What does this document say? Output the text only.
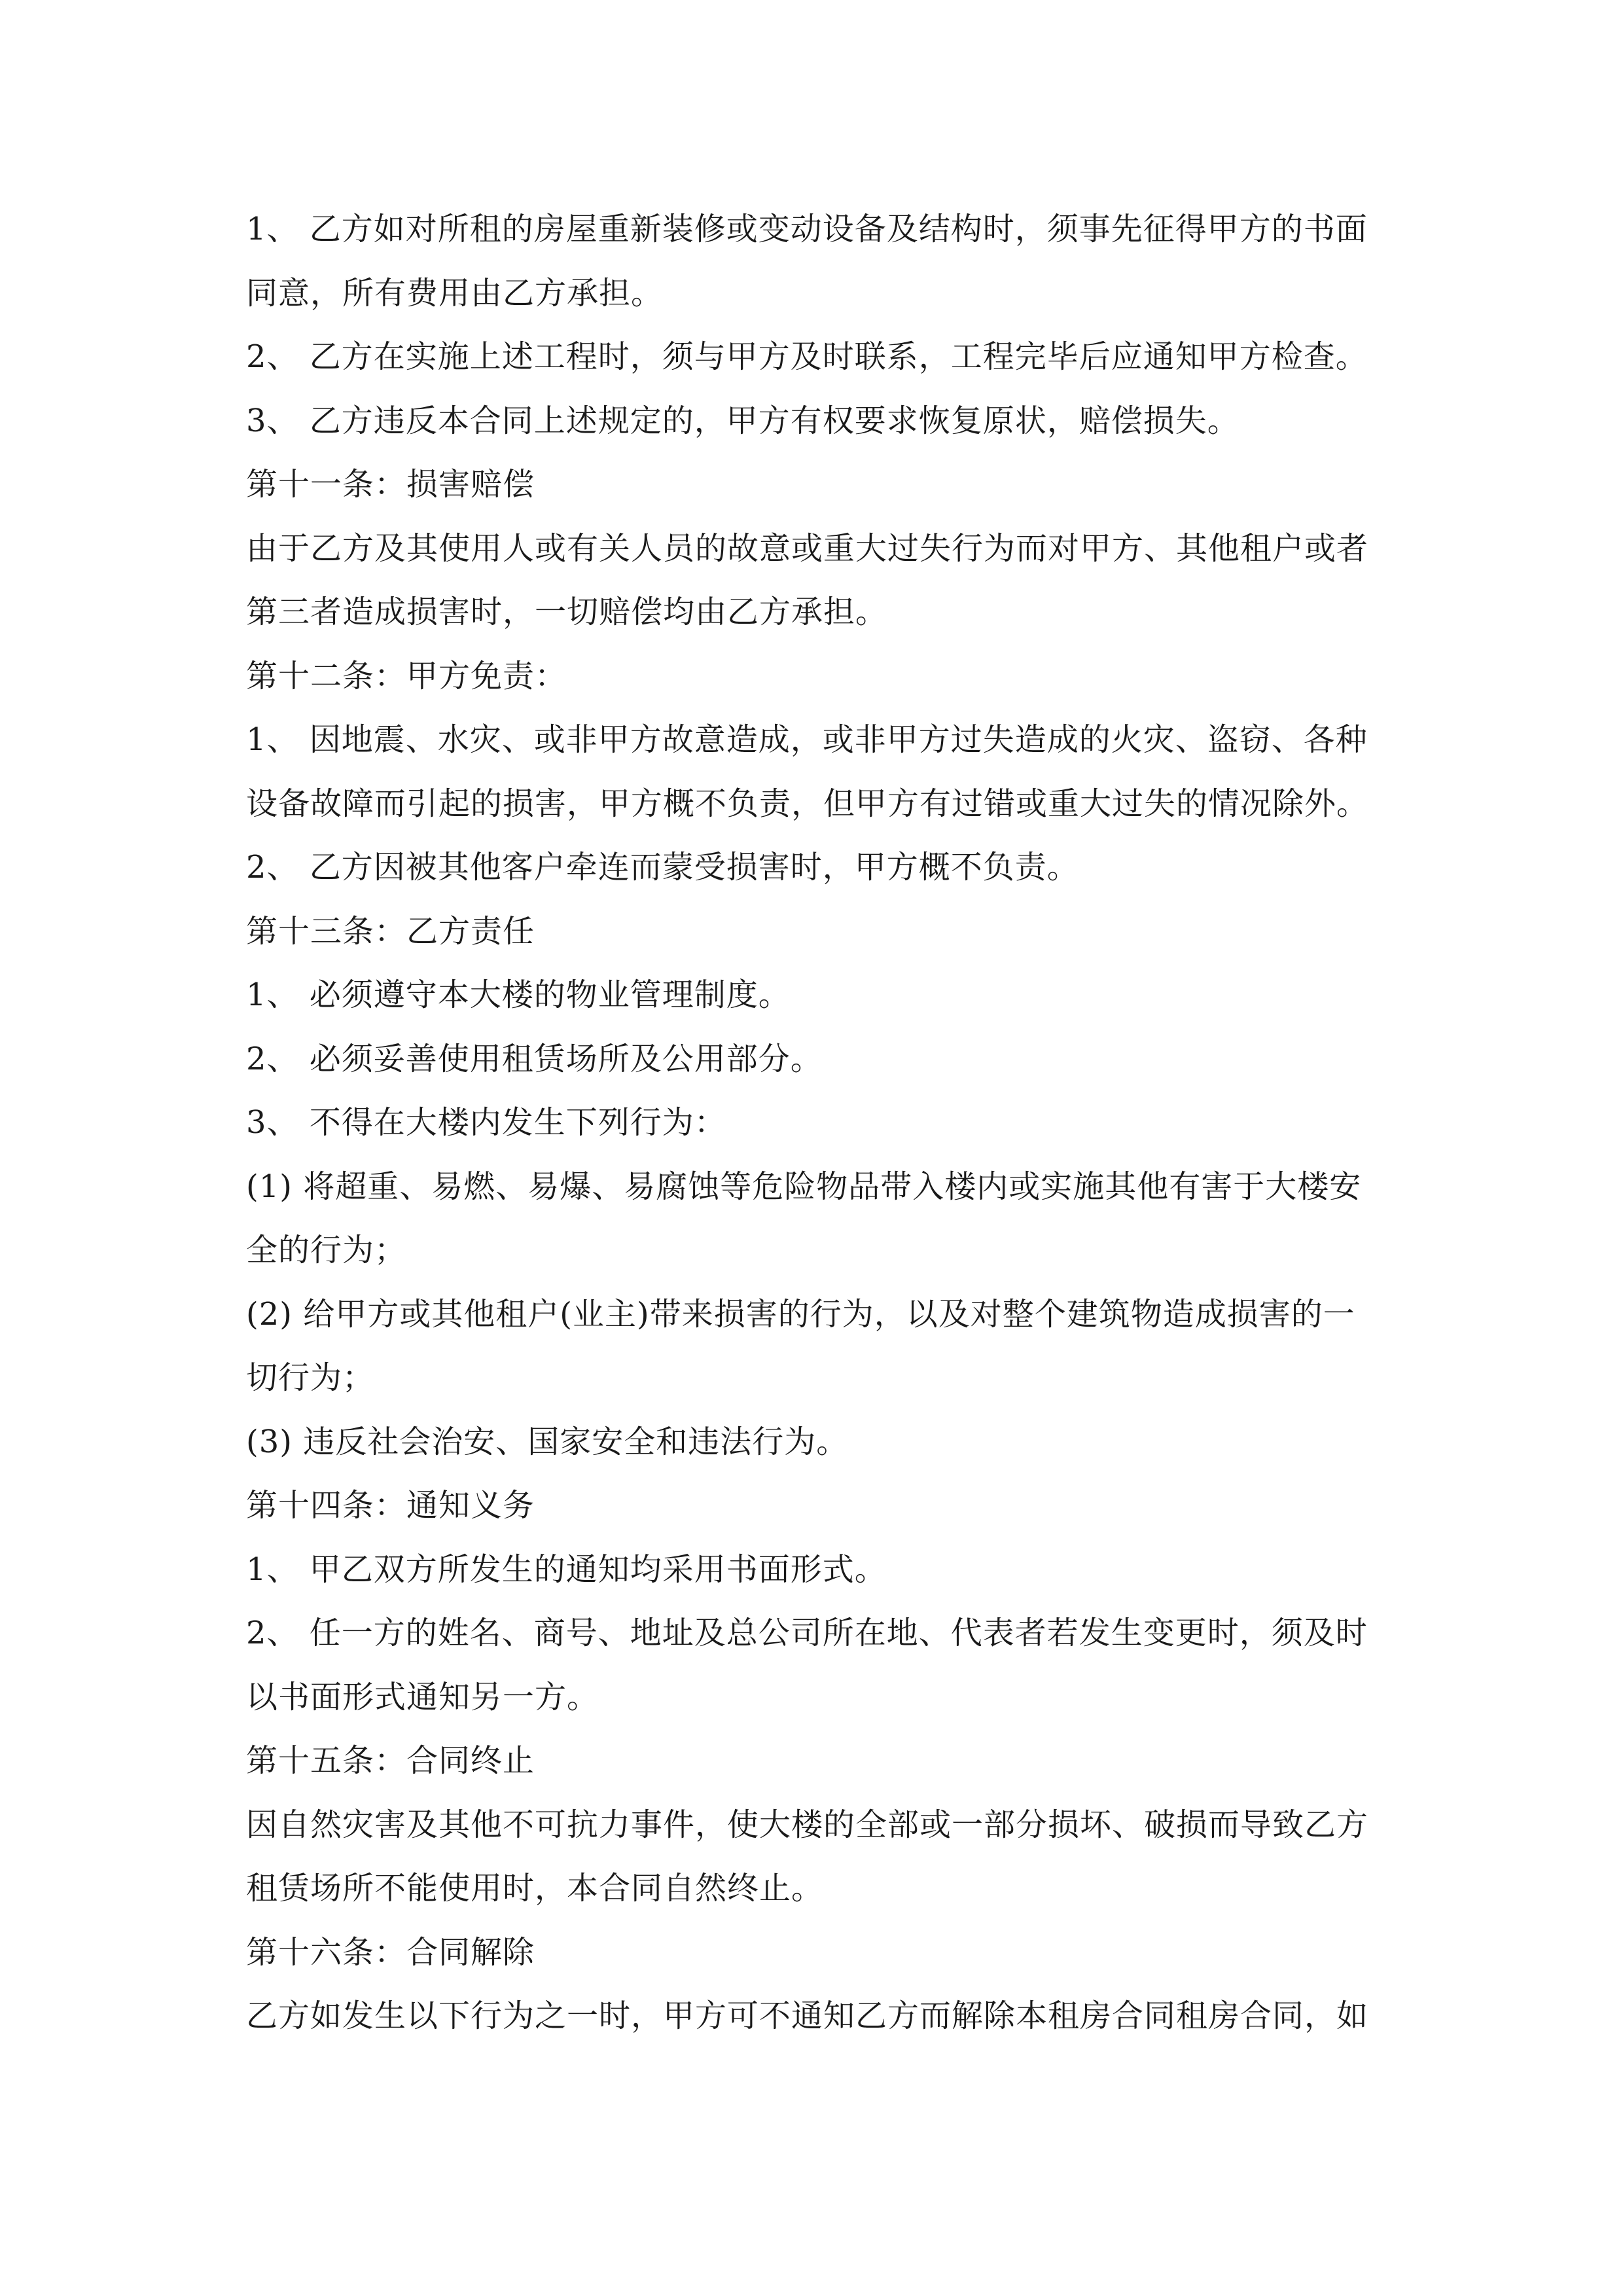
1、 乙方如对所租的房屋重新装修或变动设备及结构时，须事先征得甲方的书面
同意，所有费用由乙方承担。
2、 乙方在实施上述工程时，须与甲方及时联系，工程完毕后应通知甲方检查。
3、 乙方违反本合同上述规定的，甲方有权要求恢复原状，赔偿损失。
第十一条：损害赔偿
由于乙方及其使用人或有关人员的故意或重大过失行为而对甲方、其他租户或者
第三者造成损害时，一切赔偿均由乙方承担。
第十二条：甲方免责：
1、 因地震、水灾、或非甲方故意造成，或非甲方过失造成的火灾、盗窃、各种
设备故障而引起的损害，甲方概不负责，但甲方有过错或重大过失的情况除外。
2、 乙方因被其他客户牵连而蒙受损害时，甲方概不负责。
第十三条：乙方责任
1、 必须遵守本大楼的物业管理制度。
2、 必须妥善使用租赁场所及公用部分。
3、 不得在大楼内发生下列行为：
(1) 将超重、易燃、易爆、易腐蚀等危险物品带入楼内或实施其他有害于大楼安
全的行为；
(2) 给甲方或其他租户(业主)带来损害的行为，以及对整个建筑物造成损害的一
切行为；
(3) 违反社会治安、国家安全和违法行为。
第十四条：通知义务
1、 甲乙双方所发生的通知均采用书面形式。
2、 任一方的姓名、商号、地址及总公司所在地、代表者若发生变更时，须及时
以书面形式通知另一方。
第十五条：合同终止
因自然灾害及其他不可抗力事件，使大楼的全部或一部分损坏、破损而导致乙方
租赁场所不能使用时，本合同自然终止。
第十六条：合同解除
乙方如发生以下行为之一时，甲方可不通知乙方而解除本租房合同租房合同，如
